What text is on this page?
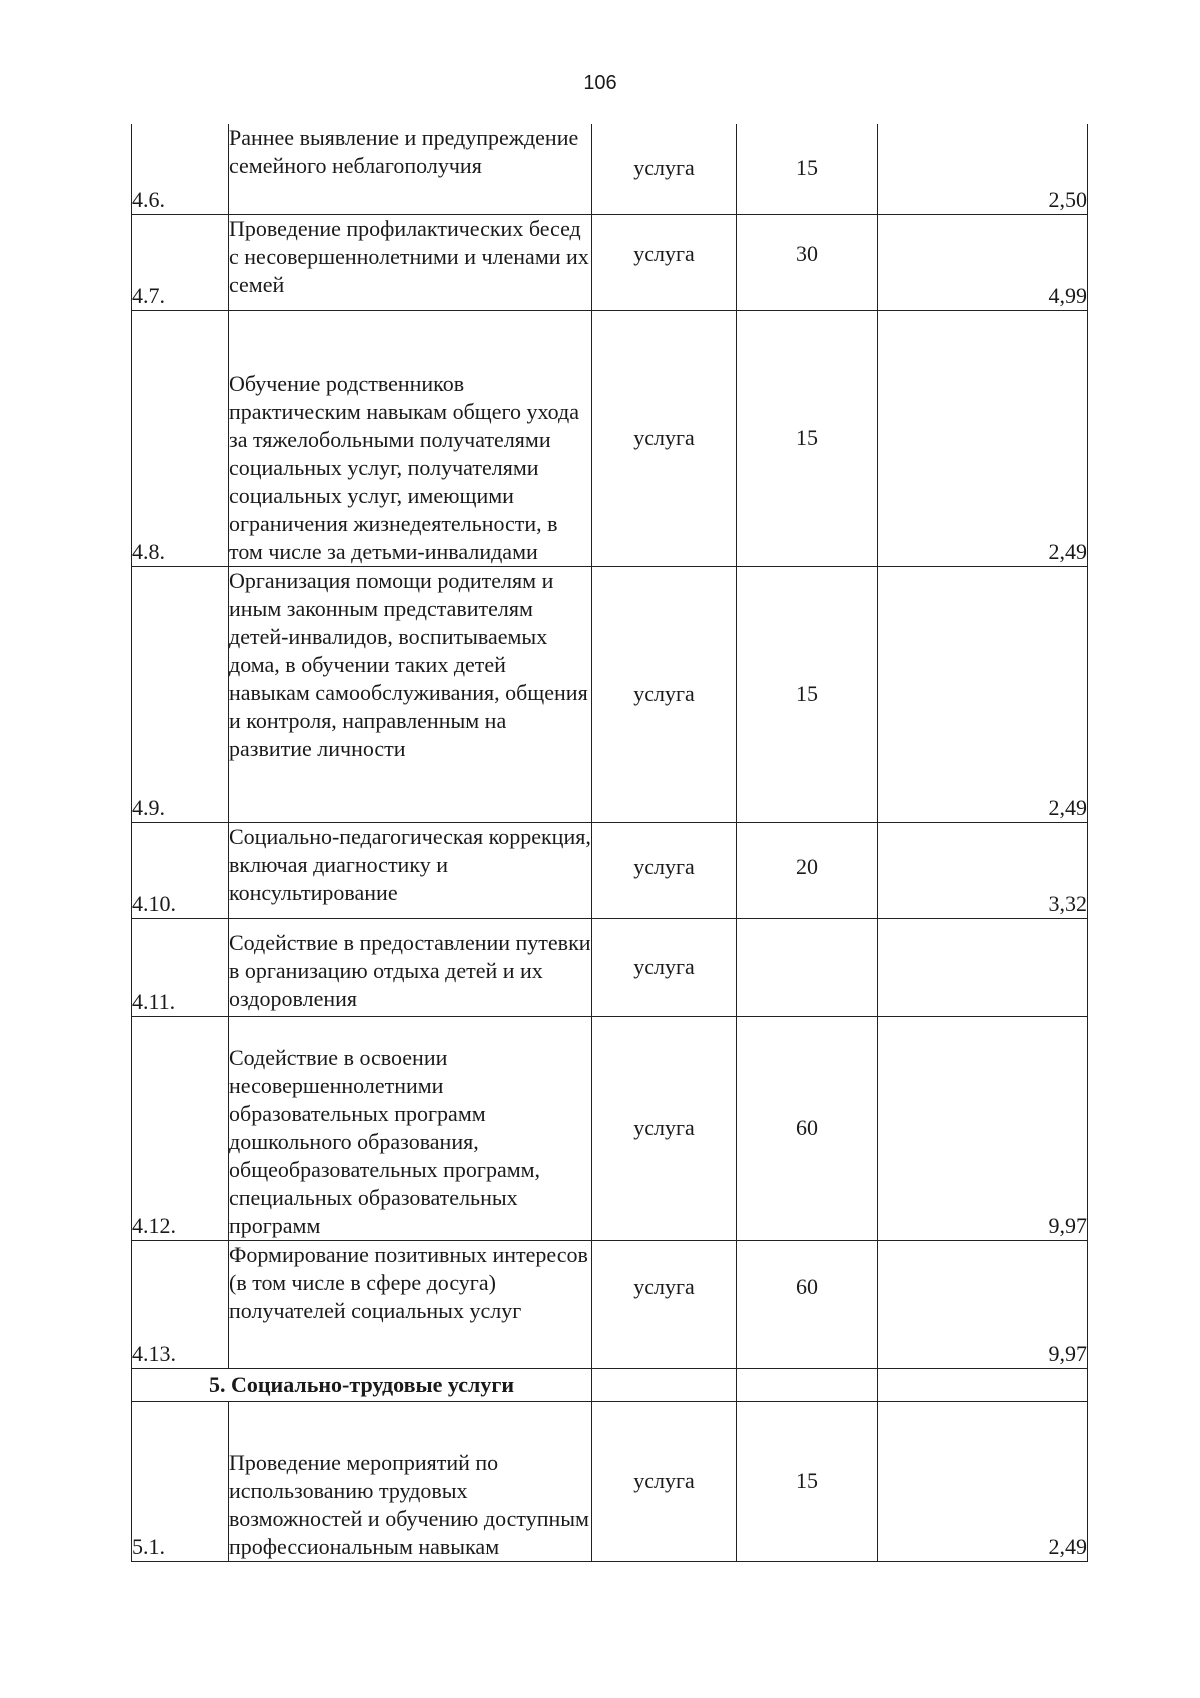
106
4.6.	Раннее выявление и предупреждение семейного неблагополучия	услуга	15	2,50
4.7.	Проведение профилактических бесед с несовершеннолетними и членами их семей	услуга	30	4,99
4.8.	Обучение родственников практическим навыкам общего ухода за тяжелобольными получателями социальных услуг, получателями социальных услуг, имеющими ограничения жизнедеятельности, в том числе за детьми-инвалидами	услуга	15	2,49
4.9.	Организация помощи родителям и иным законным представителям детей-инвалидов, воспитываемых дома, в обучении таких детей навыкам самообслуживания, общения и контроля, направленным на развитие личности	услуга	15	2,49
4.10.	Социально-педагогическая коррекция, включая диагностику и консультирование	услуга	20	3,32
4.11.	Содействие в предоставлении путевки в организацию отдыха детей и их оздоровления	услуга		
4.12.	Содействие в освоении несовершеннолетними образовательных программ дошкольного образования, общеобразовательных программ, специальных образовательных программ	услуга	60	9,97
4.13.	Формирование позитивных интересов (в том числе в сфере досуга) получателей социальных услуг	услуга	60	9,97
5. Социально-трудовые услуги				
5.1.	Проведение мероприятий по использованию трудовых возможностей и обучению доступным профессиональным навыкам	услуга	15	2,49
